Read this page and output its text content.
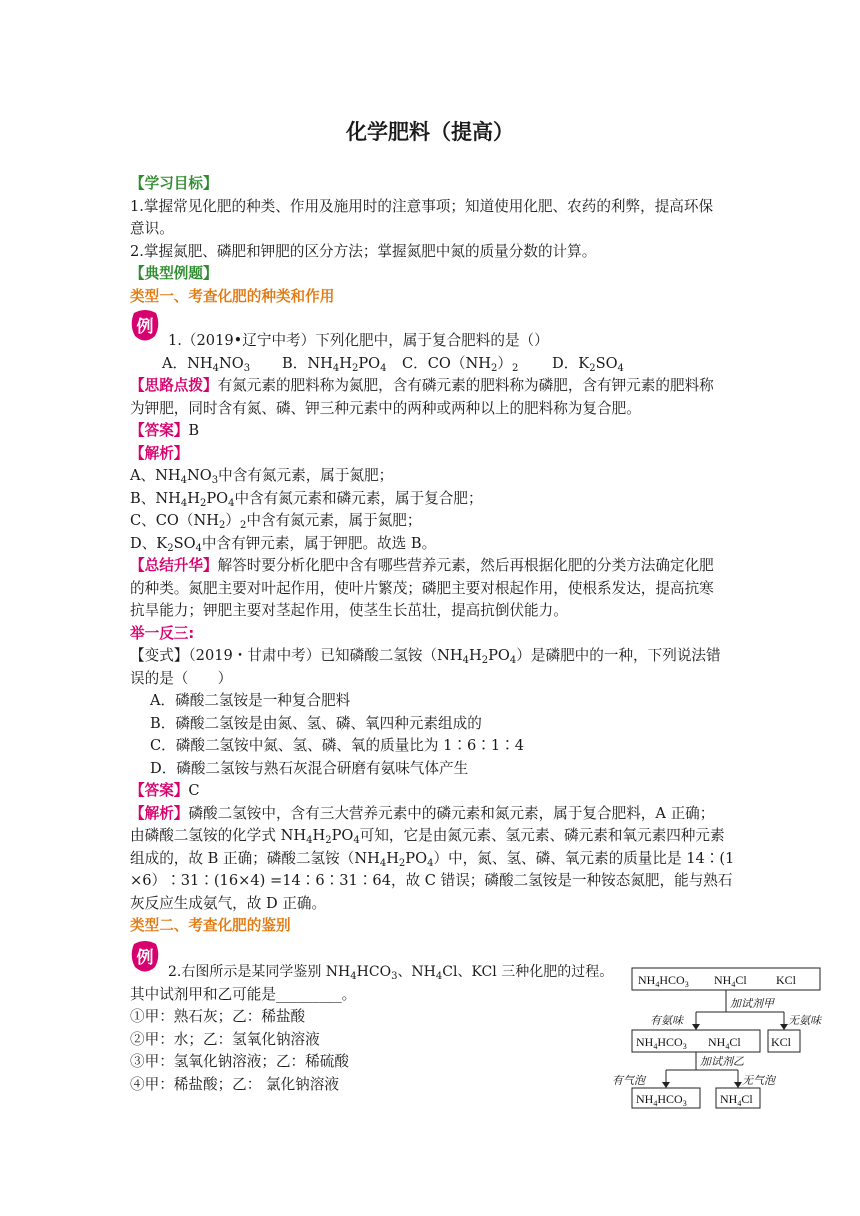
化学肥料（提高）
【学习目标】
1.掌握常见化肥的种类、作用及施用时的注意事项；知道使用化肥、农药的利弊，提高环保
意识。
2.掌握氮肥、磷肥和钾肥的区分方法；掌握氮肥中氮的质量分数的计算。
【典型例题】
类型一、考查化肥的种类和作用
例
1.（2019•辽宁中考）下列化肥中，属于复合肥料的是（）
A．$NH_4NO_3$ B．$NH_4H_2PO_4$ C．$CO(NH_2)_2$ D．$K_2SO_4$
【思路点拨】有氮元素的肥料称为氮肥，含有磷元素的肥料称为磷肥，含有钾元素的肥料称
为钾肥，同时含有氮、磷、钾三种元素中的两种或两种以上的肥料称为复合肥。
【答案】B
【解析】
A、$NH_4NO_3$中含有氮元素，属于氮肥；
B、$NH_4H_2PO_4$中含有氮元素和磷元素，属于复合肥；
C、$CO(NH_2)_2$中含有氮元素，属于氮肥；
D、$K_2SO_4$中含有钾元素，属于钾肥。故选 B。
【总结升华】解答时要分析化肥中含有哪些营养元素，然后再根据化肥的分类方法确定化肥
的种类。氮肥主要对叶起作用，使叶片繁茂；磷肥主要对根起作用，使根系发达，提高抗寒
抗旱能力；钾肥主要对茎起作用，使茎生长茁壮，提高抗倒伏能力。
举一反三:
【变式】（2019・甘肃中考）已知磷酸二氢铵$(NH_4H_2PO_4)$是磷肥中的一种，下列说法错
误的是（　　）
A．磷酸二氢铵是一种复合肥料
B．磷酸二氢铵是由氮、氢、磷、氧四种元素组成的
C．磷酸二氢铵中氮、氢、磷、氧的质量比为 1∶6∶1∶4
D．磷酸二氢铵与熟石灰混合研磨有氨味气体产生
【答案】C
【解析】磷酸二氢铵中，含有三大营养元素中的磷元素和氮元素，属于复合肥料，A 正确；
由磷酸二氢铵的化学式 $NH_4H_2PO_4$可知，它是由氮元素、氢元素、磷元素和氧元素四种元素
组成的，故 B 正确；磷酸二氢铵$(NH_4H_2PO_4)$中，氮、氢、磷、氧元素的质量比是 14∶(1
×6）∶31∶(16×4) =14∶6∶31∶64，故 C 错误；磷酸二氢铵是一种铵态氮肥，能与熟石
灰反应生成氨气，故 D 正确。
类型二、考查化肥的鉴别
例
2.右图所示是某同学鉴别 $NH_4HCO_3$、$NH_4Cl$、KCl 三种化肥的过程。
其中试剂甲和乙可能是_________。
①甲：熟石灰；乙：稀盐酸
②甲：水；乙：氢氧化钠溶液
③甲：氢氧化钠溶液；乙：稀硫酸
④甲：稀盐酸；乙： 氯化钠溶液
$NH_4HCO_3$ $NH_4Cl$ KCl
加试剂甲
有氨味	无氨味
$NH_4HCO_3$ $NH_4Cl$	KCl
加试剂乙
有气泡	无气泡
$NH_4HCO_3$	$NH_4Cl$
